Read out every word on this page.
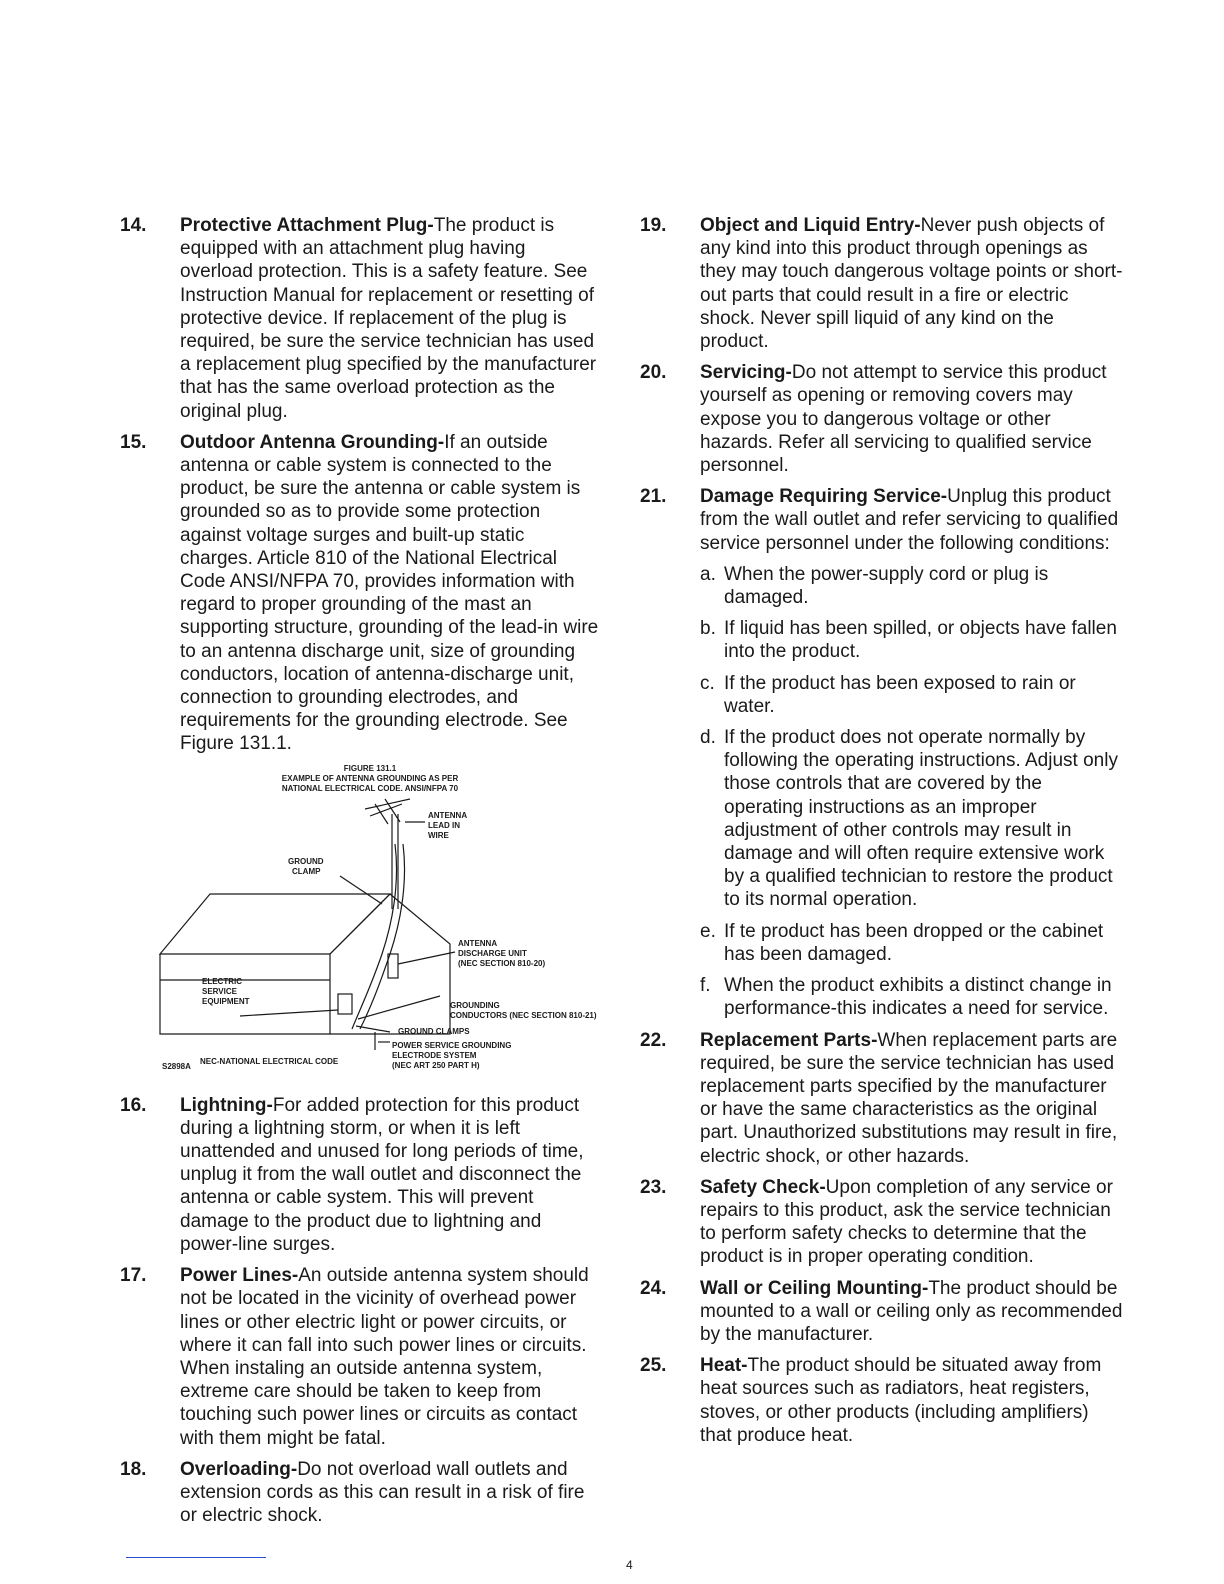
14. Protective Attachment Plug-The product is equipped with an attachment plug having overload protection. This is a safety feature. See Instruction Manual for replacement or resetting of protective device. If replacement of the plug is required, be sure the service technician has used a replacement plug specified by the manufacturer that has the same overload protection as the original plug.
15. Outdoor Antenna Grounding-If an outside antenna or cable system is connected to the product, be sure the antenna or cable system is grounded so as to provide some protection against voltage surges and built-up static charges. Article 810 of the National Electrical Code ANSI/NFPA 70, provides information with regard to proper grounding of the mast an supporting structure, grounding of the lead-in wire to an antenna discharge unit, size of grounding conductors, location of antenna-discharge unit, connection to grounding electrodes, and requirements for the grounding electrode. See Figure 131.1.
FIGURE 131.1
EXAMPLE OF ANTENNA GROUNDING AS PER
NATIONAL ELECTRICAL CODE. ANSI/NFPA 70
ANTENNA
LEAD IN
WIRE
GROUND
CLAMP
ANTENNA
DISCHARGE UNIT
(NEC SECTION 810-20)
ELECTRIC
SERVICE
EQUIPMENT	GROUNDING
CONDUCTORS (NEC SECTION 810-21)
GROUND CLAMPS
POWER SERVICE GROUNDING
ELECTRODE SYSTEM
(NEC ART 250 PART H)
NEC-NATIONAL ELECTRICAL CODE
S2898A
16. Lightning-For added protection for this product during a lightning storm, or when it is left unattended and unused for long periods of time, unplug it from the wall outlet and disconnect the antenna or cable system. This will prevent damage to the product due to lightning and power-line surges.
17. Power Lines-An outside antenna system should not be located in the vicinity of overhead power lines or other electric light or power circuits, or where it can fall into such power lines or circuits. When instaling an outside antenna system, extreme care should be taken to keep from touching such power lines or circuits as contact with them might be fatal.
18. Overloading-Do not overload wall outlets and extension cords as this can result in a risk of fire or electric shock.
19. Object and Liquid Entry-Never push objects of any kind into this product through openings as they may touch dangerous voltage points or short-out parts that could result in a fire or electric shock. Never spill liquid of any kind on the product.
20. Servicing-Do not attempt to service this product yourself as opening or removing covers may expose you to dangerous voltage or other hazards. Refer all servicing to qualified service personnel.
21. Damage Requiring Service-Unplug this product from the wall outlet and refer servicing to qualified service personnel under the following conditions:
a. When the power-supply cord or plug is damaged.
b. If liquid has been spilled, or objects have fallen into the product.
c. If the product has been exposed to rain or water.
d. If the product does not operate normally by following the operating instructions. Adjust only those controls that are covered by the operating instructions as an improper adjustment of other controls may result in damage and will often require extensive work by a qualified technician to restore the product to its normal operation.
e. If te product has been dropped or the cabinet has been damaged.
f. When the product exhibits a distinct change in performance-this indicates a need for service.
22. Replacement Parts-When replacement parts are required, be sure the service technician has used replacement parts specified by the manufacturer or have the same characteristics as the original part. Unauthorized substitutions may result in fire, electric shock, or other hazards.
23. Safety Check-Upon completion of any service or repairs to this product, ask the service technician to perform safety checks to determine that the product is in proper operating condition.
24. Wall or Ceiling Mounting-The product should be mounted to a wall or ceiling only as recommended by the manufacturer.
25. Heat-The product should be situated away from heat sources such as radiators, heat registers, stoves, or other products (including amplifiers) that produce heat.
4
